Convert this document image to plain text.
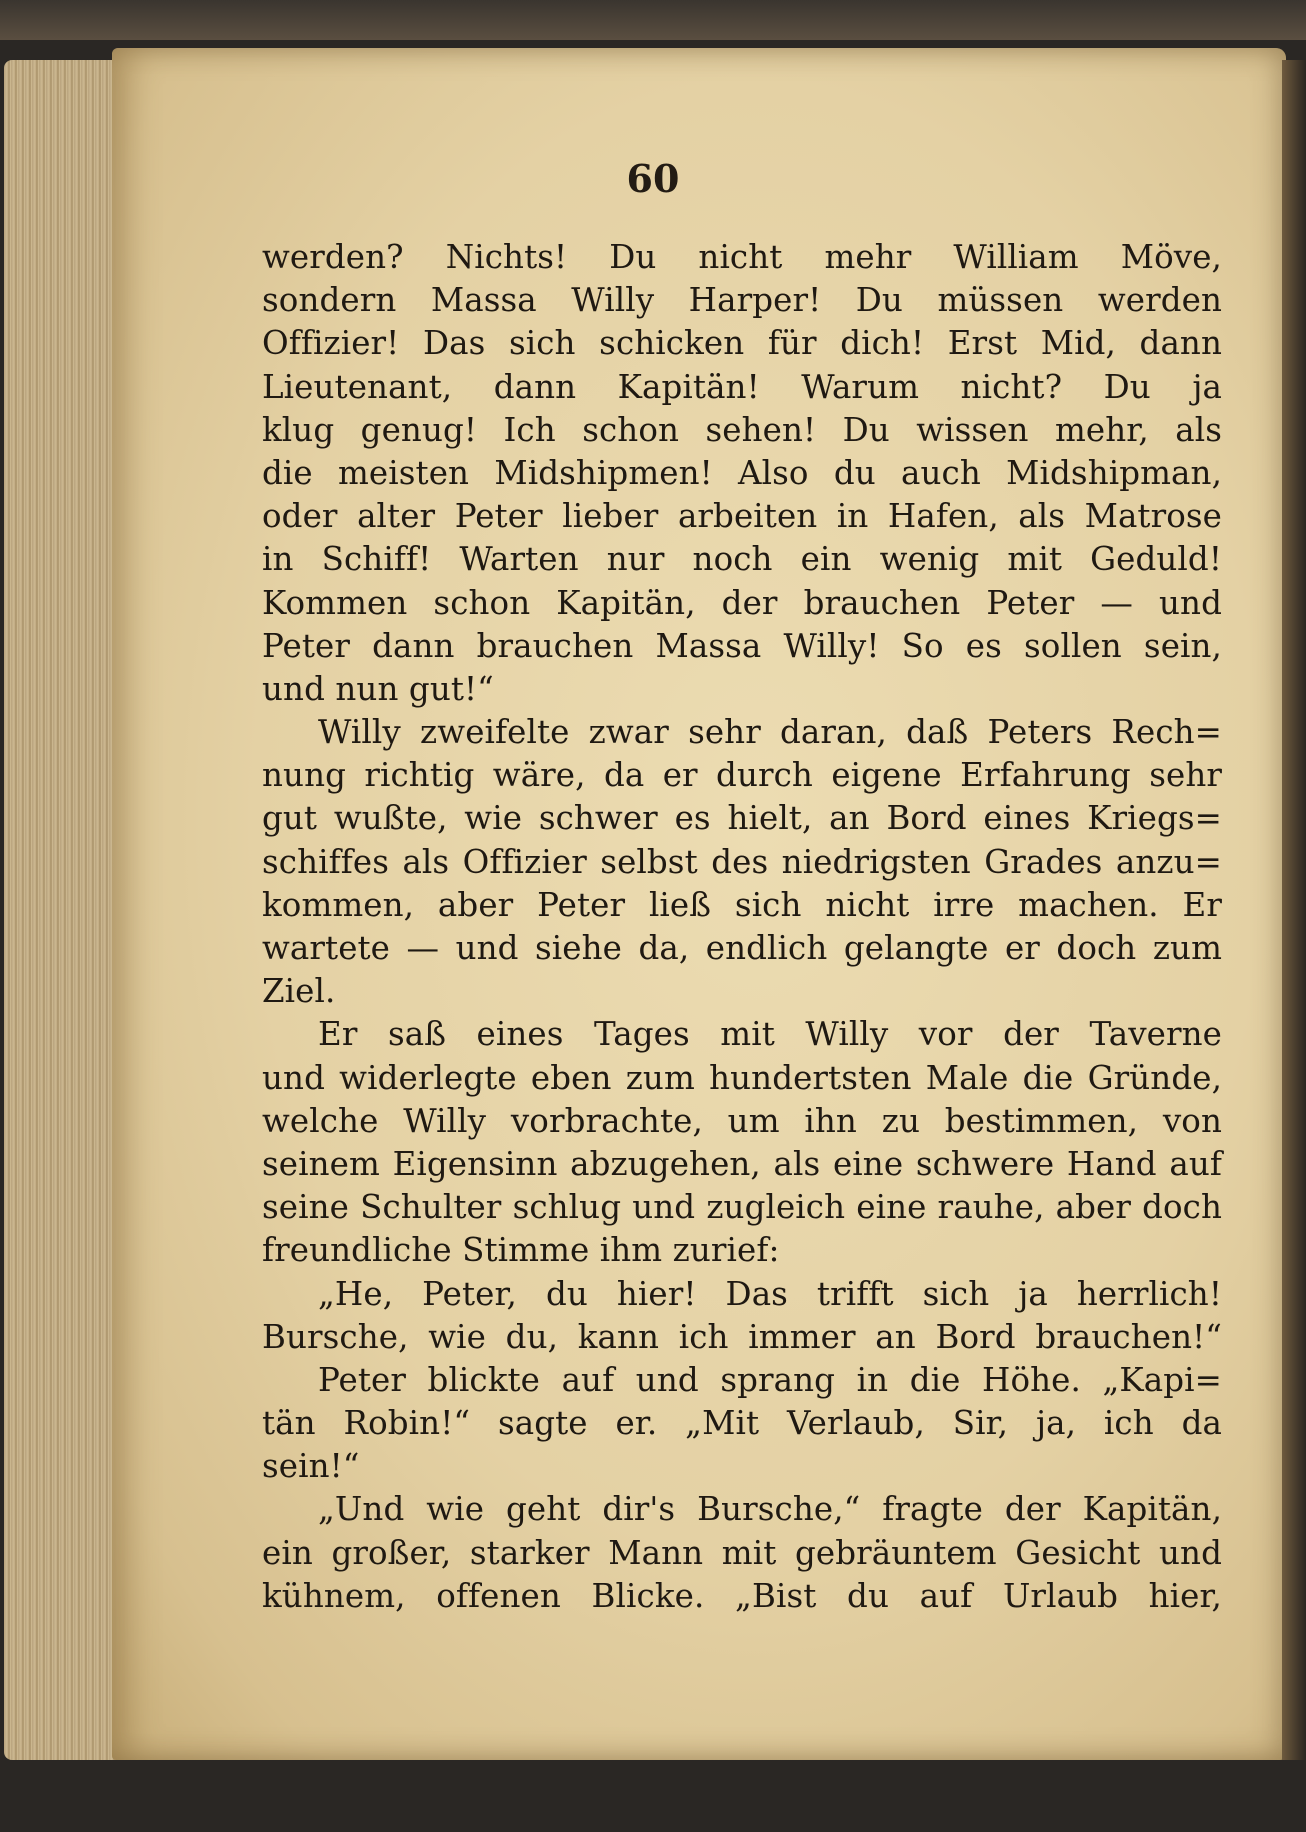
60
werden? Nichts! Du nicht mehr William Möve,
sondern Massa Willy Harper! Du müssen werden
Offizier! Das sich schicken für dich! Erst Mid, dann
Lieutenant, dann Kapitän! Warum nicht? Du ja
klug genug! Ich schon sehen! Du wissen mehr, als
die meisten Midshipmen! Also du auch Midshipman,
oder alter Peter lieber arbeiten in Hafen, als Matrose
in Schiff! Warten nur noch ein wenig mit Geduld!
Kommen schon Kapitän, der brauchen Peter — und
Peter dann brauchen Massa Willy! So es sollen sein,
und nun gut!“
Willy zweifelte zwar sehr daran, daß Peters Rech=
nung richtig wäre, da er durch eigene Erfahrung sehr
gut wußte, wie schwer es hielt, an Bord eines Kriegs=
schiffes als Offizier selbst des niedrigsten Grades anzu=
kommen, aber Peter ließ sich nicht irre machen. Er
wartete — und siehe da, endlich gelangte er doch zum
Ziel.
Er saß eines Tages mit Willy vor der Taverne
und widerlegte eben zum hundertsten Male die Gründe,
welche Willy vorbrachte, um ihn zu bestimmen, von
seinem Eigensinn abzugehen, als eine schwere Hand auf
seine Schulter schlug und zugleich eine rauhe, aber doch
freundliche Stimme ihm zurief:
„He, Peter, du hier! Das trifft sich ja herrlich!
Bursche, wie du, kann ich immer an Bord brauchen!“
Peter blickte auf und sprang in die Höhe. „Kapi=
tän Robin!“ sagte er. „Mit Verlaub, Sir, ja, ich da
sein!“
„Und wie geht dir's Bursche,“ fragte der Kapitän,
ein großer, starker Mann mit gebräuntem Gesicht und
kühnem, offenen Blicke. „Bist du auf Urlaub hier,
